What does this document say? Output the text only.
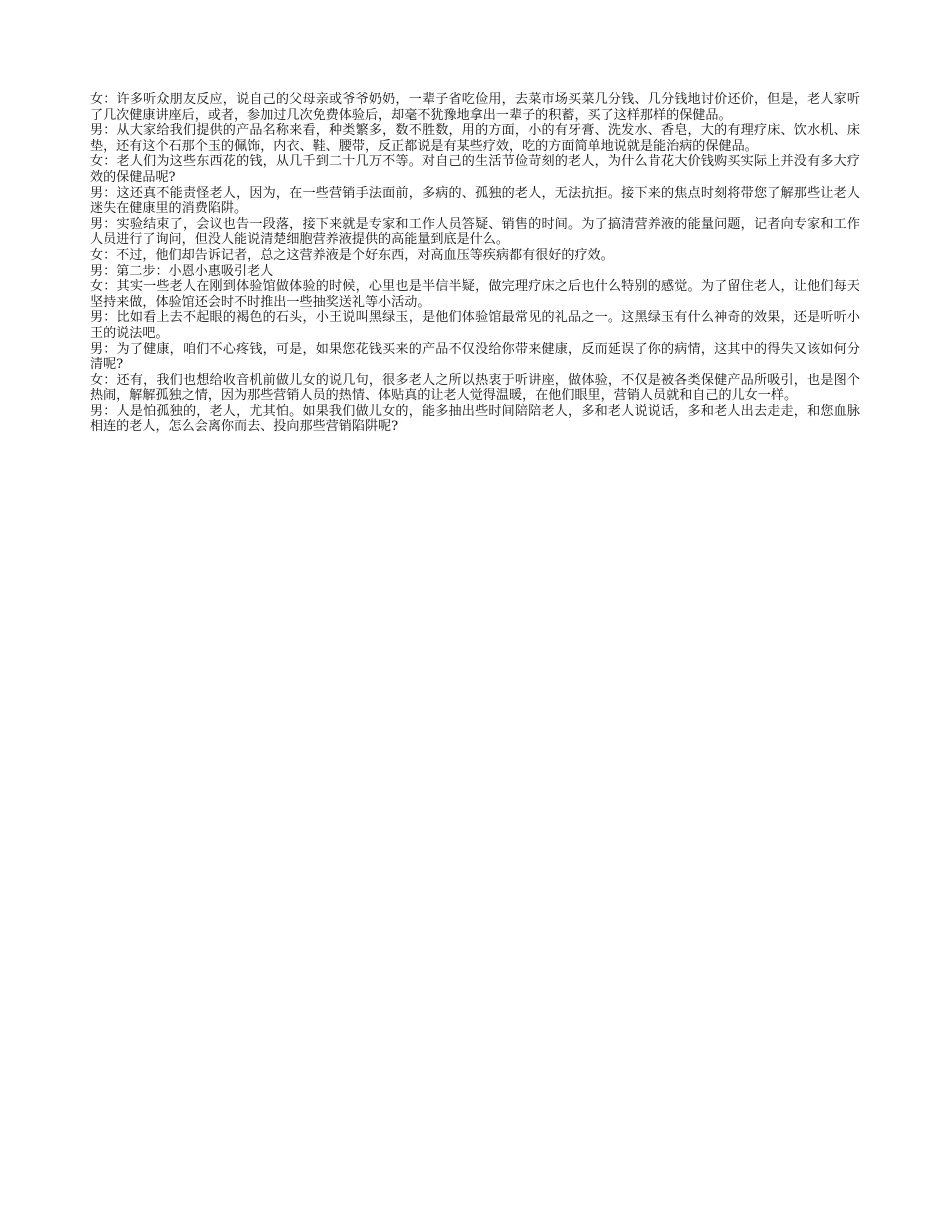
女：许多听众朋友反应，说自己的父母亲或爷爷奶奶，一辈子省吃俭用，去菜市场买菜几分钱、几分钱地讨价还价，但是，老人家听了几次健康讲座后，或者，参加过几次免费体验后，却毫不犹豫地拿出一辈子的积蓄，买了这样那样的保健品。

男：从大家给我们提供的产品名称来看，种类繁多，数不胜数，用的方面，小的有牙膏、洗发水、香皂，大的有理疗床、饮水机、床垫，还有这个石那个玉的佩饰，内衣、鞋、腰带，反正都说是有某些疗效，吃的方面简单地说就是能治病的保健品。

女：老人们为这些东西花的钱，从几千到二十几万不等。对自己的生活节俭苛刻的老人，为什么肯花大价钱购买实际上并没有多大疗效的保健品呢?

男：这还真不能责怪老人，因为，在一些营销手法面前，多病的、孤独的老人，无法抗拒。接下来的焦点时刻将带您了解那些让老人迷失在健康里的消费陷阱。

男：实验结束了，会议也告一段落，接下来就是专家和工作人员答疑、销售的时间。为了搞清营养液的能量问题，记者向专家和工作人员进行了询问，但没人能说清楚细胞营养液提供的高能量到底是什么。

女：不过，他们却告诉记者，总之这营养液是个好东西，对高血压等疾病都有很好的疗效。

男：第二步：小恩小惠吸引老人

女：其实一些老人在刚到体验馆做体验的时候，心里也是半信半疑，做完理疗床之后也什么特别的感觉。为了留住老人，让他们每天坚持来做，体验馆还会时不时推出一些抽奖送礼等小活动。

男：比如看上去不起眼的褐色的石头，小王说叫黑绿玉，是他们体验馆最常见的礼品之一。这黑绿玉有什么神奇的效果，还是听听小王的说法吧。

男：为了健康，咱们不心疼钱，可是，如果您花钱买来的产品不仅没给你带来健康，反而延误了你的病情，这其中的得失又该如何分清呢?

女：还有，我们也想给收音机前做儿女的说几句，很多老人之所以热衷于听讲座，做体验，不仅是被各类保健产品所吸引，也是图个热闹，解解孤独之情，因为那些营销人员的热情、体贴真的让老人觉得温暖，在他们眼里，营销人员就和自己的儿女一样。

男：人是怕孤独的，老人，尤其怕。如果我们做儿女的，能多抽出些时间陪陪老人，多和老人说说话，多和老人出去走走，和您血脉相连的老人，怎么会离你而去、投向那些营销陷阱呢?
